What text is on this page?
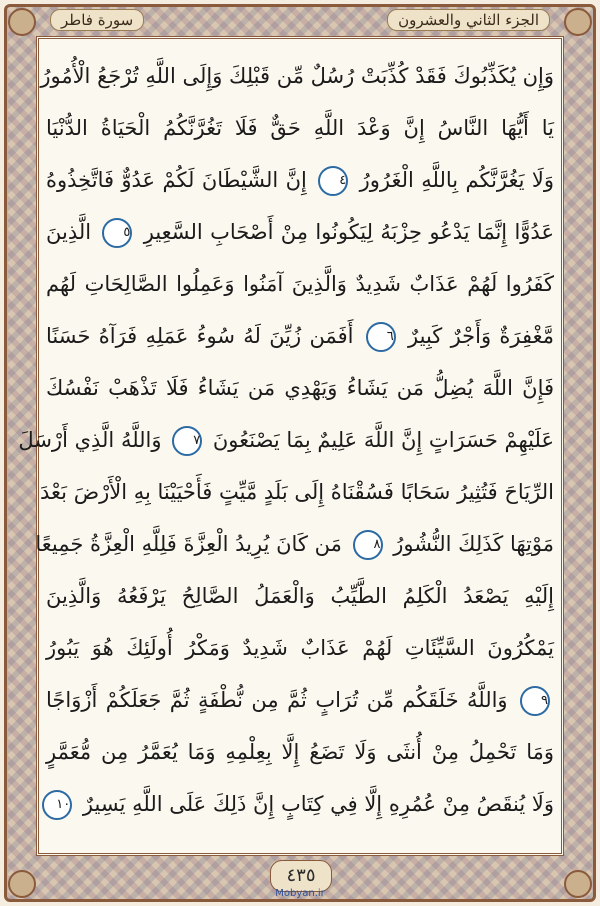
الجزء الثاني والعشرون
سورة فاطر
وَإِن يُكَذِّبُوكَ فَقَدْ كُذِّبَتْ رُسُلٌ مِّن قَبْلِكَ وَإِلَى اللَّهِ تُرْجَعُ الْأُمُورُ
يَا أَيُّهَا النَّاسُ إِنَّ وَعْدَ اللَّهِ حَقٌّ فَلَا تَغُرَّنَّكُمُ الْحَيَاةُ الدُّنْيَا
وَلَا يَغُرَّنَّكُم بِاللَّهِ الْغَرُورُ ٤ إِنَّ الشَّيْطَانَ لَكُمْ عَدُوٌّ فَاتَّخِذُوهُ
عَدُوًّا إِنَّمَا يَدْعُو حِزْبَهُ لِيَكُونُوا مِنْ أَصْحَابِ السَّعِيرِ ٥ الَّذِينَ
كَفَرُوا لَهُمْ عَذَابٌ شَدِيدٌ وَالَّذِينَ آمَنُوا وَعَمِلُوا الصَّالِحَاتِ لَهُم
مَّغْفِرَةٌ وَأَجْرٌ كَبِيرٌ ٦ أَفَمَن زُيِّنَ لَهُ سُوءُ عَمَلِهِ فَرَآهُ حَسَنًا
فَإِنَّ اللَّهَ يُضِلُّ مَن يَشَاءُ وَيَهْدِي مَن يَشَاءُ فَلَا تَذْهَبْ نَفْسُكَ
عَلَيْهِمْ حَسَرَاتٍ إِنَّ اللَّهَ عَلِيمٌ بِمَا يَصْنَعُونَ ٧ وَاللَّهُ الَّذِي أَرْسَلَ
الرِّيَاحَ فَتُثِيرُ سَحَابًا فَسُقْنَاهُ إِلَى بَلَدٍ مَّيِّتٍ فَأَحْيَيْنَا بِهِ الْأَرْضَ بَعْدَ
مَوْتِهَا كَذَلِكَ النُّشُورُ ٨ مَن كَانَ يُرِيدُ الْعِزَّةَ فَلِلَّهِ الْعِزَّةُ جَمِيعًا
إِلَيْهِ يَصْعَدُ الْكَلِمُ الطَّيِّبُ وَالْعَمَلُ الصَّالِحُ يَرْفَعُهُ وَالَّذِينَ
يَمْكُرُونَ السَّيِّئَاتِ لَهُمْ عَذَابٌ شَدِيدٌ وَمَكْرُ أُولَئِكَ هُوَ يَبُورُ
٩ وَاللَّهُ خَلَقَكُم مِّن تُرَابٍ ثُمَّ مِن نُّطْفَةٍ ثُمَّ جَعَلَكُمْ أَزْوَاجًا
وَمَا تَحْمِلُ مِنْ أُنثَى وَلَا تَضَعُ إِلَّا بِعِلْمِهِ وَمَا يُعَمَّرُ مِن مُّعَمَّرٍ
وَلَا يُنقَصُ مِنْ عُمُرِهِ إِلَّا فِي كِتَابٍ إِنَّ ذَلِكَ عَلَى اللَّهِ يَسِيرٌ ١٠
٤٣٥
Mobyan.ir
